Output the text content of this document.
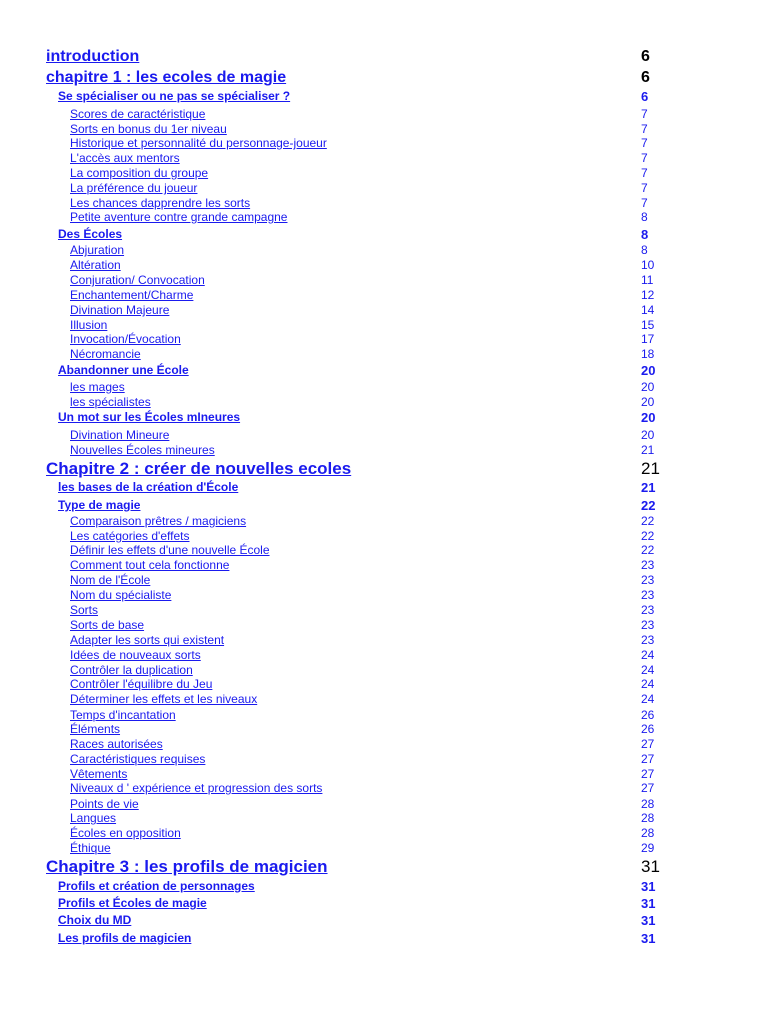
introduction	6
chapitre 1 : les ecoles de magie	6
Se spécialiser ou ne pas se spécialiser ?	6
Scores de caractéristique	7
Sorts en bonus du 1er niveau	7
Historique et personnalité du personnage-joueur	7
L'accès aux mentors	7
La composition du groupe	7
La préférence du joueur	7
Les chances dapprendre les sorts	7
Petite aventure contre grande campagne	8
Des Écoles	8
Abjuration	8
Altération	10
Conjuration/ Convocation	11
Enchantement/Charme	12
Divination Majeure	14
Illusion	15
Invocation/Évocation	17
Nécromancie	18
Abandonner une École	20
les mages	20
les spécialistes	20
Un mot sur les Écoles mIneures	20
Divination Mineure	20
Nouvelles Écoles mineures	21
Chapitre 2 : créer de nouvelles ecoles	21
les bases de la création d'École	21
Type de magie	22
Comparaison prêtres / magiciens	22
Les catégories d'effets	22
Définir les effets d'une nouvelle École	22
Comment tout cela fonctionne	23
Nom de l'École	23
Nom du spécialiste	23
Sorts	23
Sorts de base	23
Adapter les sorts qui existent	23
Idées de nouveaux sorts	24
Contrôler la duplication	24
Contrôler l'équilibre du Jeu	24
Déterminer les effets et les niveaux	24
Temps d'incantation	26
Éléments	26
Races autorisées	27
Caractéristiques requises	27
Vêtements	27
Niveaux d ' expérience et progression des sorts	27
Points de vie	28
Langues	28
Écoles en opposition	28
Éthique	29
Chapitre 3 : les profils de magicien	31
Profils et création de personnages	31
Profils et Écoles de magie	31
Choix du MD	31
Les profils de magicien	31
